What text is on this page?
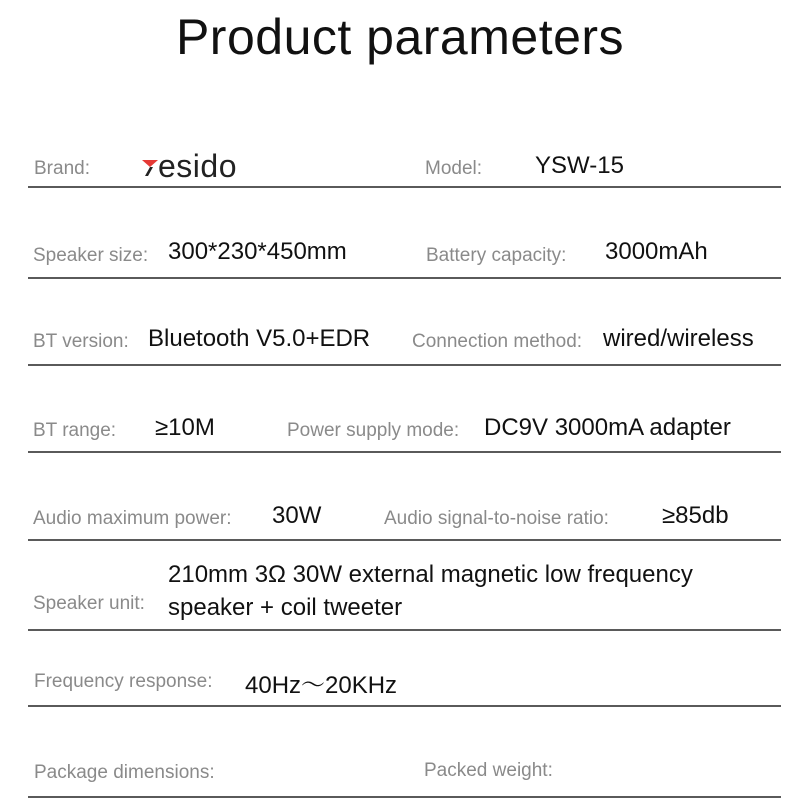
Product parameters
Brand: esido	Model: YSW-15
Speaker size: 300*230*450mm	Battery capacity: 3000mAh
BT version: Bluetooth V5.0+EDR Connection method: wired/wireless
BT range: ≥10M	Power supply mode: DC9V 3000mA adapter
Audio maximum power: 30W	Audio signal-to-noise ratio: ≥85db
Speaker unit:
210mm 3Ω 30W external magnetic low frequency
speaker + coil tweeter
Frequency response: 40Hz～20KHz
Package dimensions:	Packed weight:
